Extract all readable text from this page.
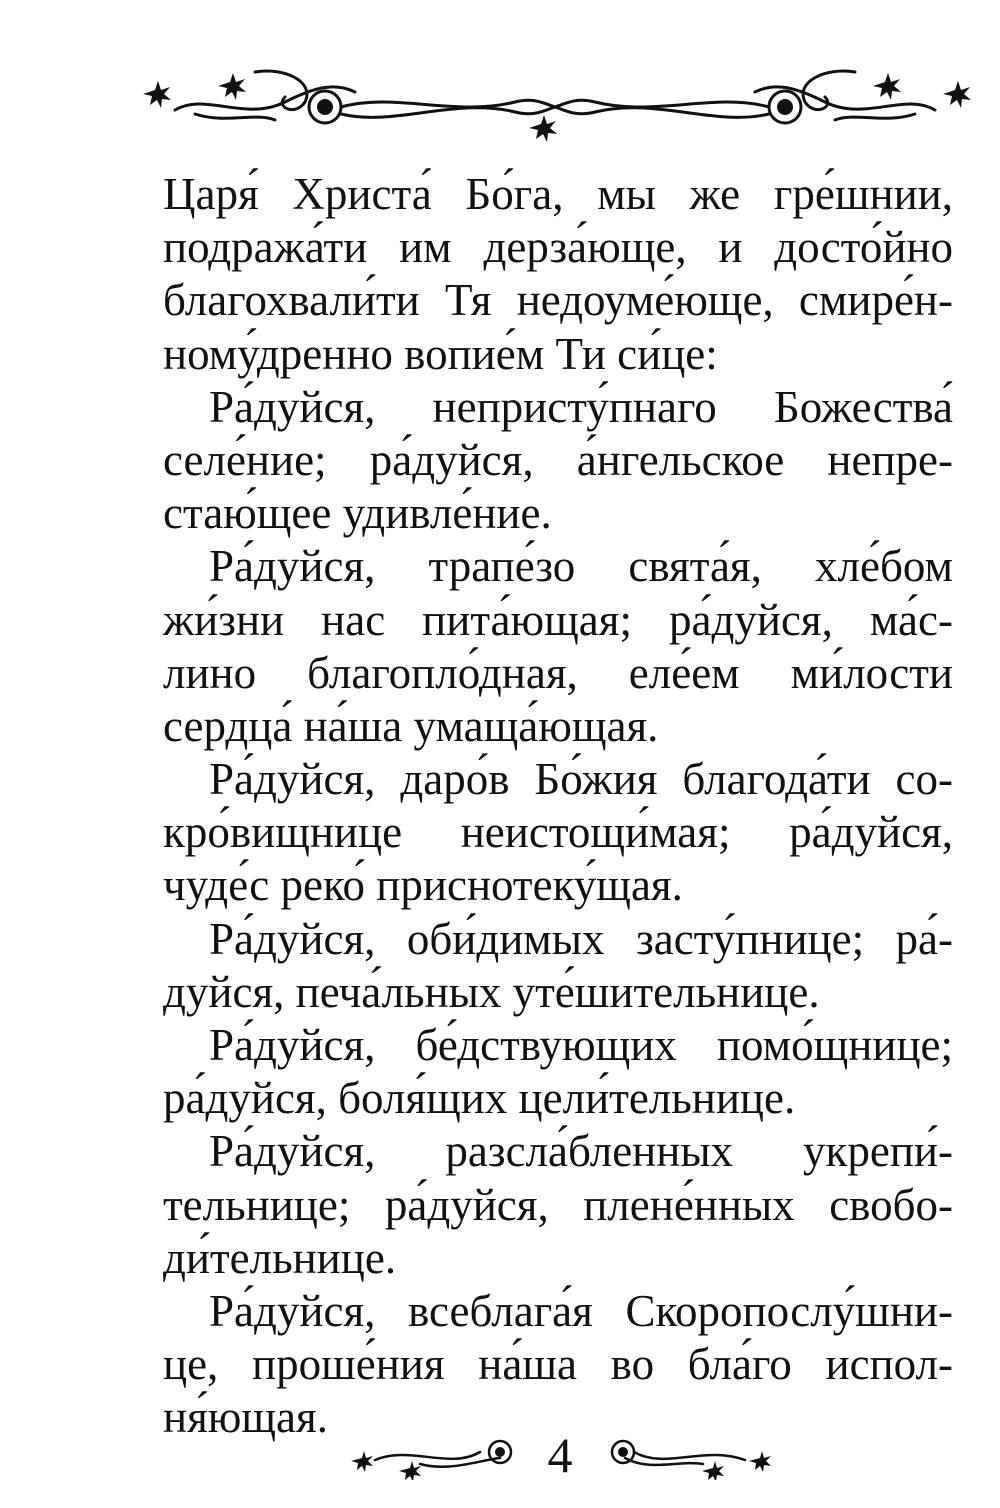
Царя́ Христа́ Бо́га, мы же гре́шнии,
подража́ти им дерза́юще, и досто́йно
благохвали́ти Тя недоуме́юще, смире́н-
ному́дренно вопие́м Ти си́це:
Ра́дуйся, непристу́пнаго Божества́
селе́ние; ра́дуйся, а́нгельское непре-
стаю́щее удивле́ние.
Ра́дуйся, трапе́зо свята́я, хле́бом
жи́зни нас пита́ющая; ра́дуйся, ма́с-
лино благопло́дная, еле́ем ми́лости
сердца́ на́ша умаща́ющая.
Ра́дуйся, даро́в Бо́жия благода́ти со-
кро́вищнице неистощи́мая; ра́дуйся,
чуде́с реко́ приснотеку́щая.
Ра́дуйся, оби́димых засту́пнице; ра́-
дуйся, печа́льных уте́шительнице.
Ра́дуйся, бе́дствующих помо́щнице;
ра́дуйся, боля́щих цели́тельнице.
Ра́дуйся, разсла́бленных укрепи́-
тельнице; ра́дуйся, плене́нных свобо-
ди́тельнице.
Ра́дуйся, всеблага́я Скоропослу́шни-
це, проше́ния на́ша во бла́го испол-
ня́ющая.
4
